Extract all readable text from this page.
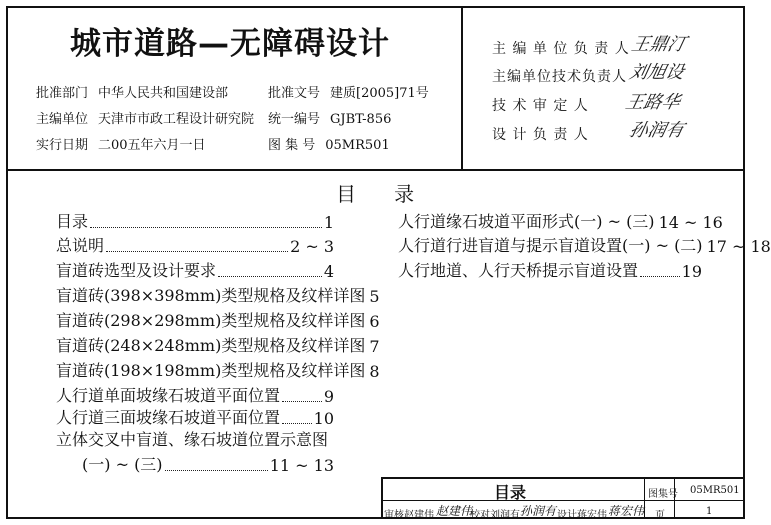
城市道路—无障碍设计
批准部门 中华人民共和国建设部
主编单位 天津市市政工程设计研究院
实行日期 二00五年六月一日
批准文号 建质[2005]71号
统一编号 GJBT-856
图 集 号 05MR501
主 编 单 位 负 责 人 王鼎汀
主编单位技术负责人 刘旭设
技 术 审 定 人 王路华
设 计 负 责 人 孙润有
目      录
目录	1
总说明	2 ~ 3
盲道砖选型及设计要求	4
盲道砖(398×398mm)类型规格及纹样详图 5
盲道砖(298×298mm)类型规格及纹样详图 6
盲道砖(248×248mm)类型规格及纹样详图 7
盲道砖(198×198mm)类型规格及纹样详图 8
人行道单面坡缘石坡道平面位置	9
人行道三面坡缘石坡道平面位置 10
立体交叉中盲道、缘石坡道位置示意图
(一) ~ (三)	11 ~ 13
人行道缘石坡道平面形式(一) ~ (三) 14 ~ 16
人行道行进盲道与提示盲道设置(一) ~ (二) 17 ~ 18
人行地道、人行天桥提示盲道设置	19
目录	图集号 05MR501
页	1
审核 赵建伟 赵建伟
校对 刘润有 孙润有 设计 蒋宏伟 蒋宏伟
